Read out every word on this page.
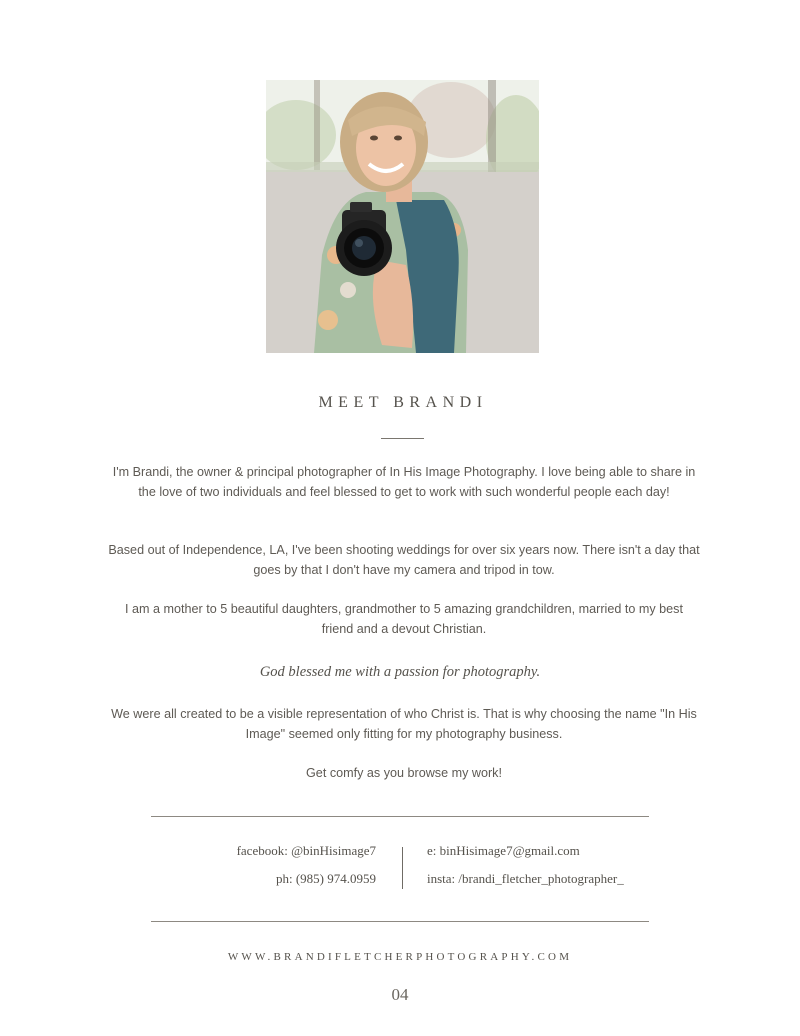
MEET BRANDI

I'm Brandi, the owner & principal photographer of In His Image Photography. I love being able to share in the love of two individuals and feel blessed to get to work with such wonderful people each day!

Based out of Independence, LA, I've been shooting weddings for over six years now. There isn't a day that goes by that I don't have my camera and tripod in tow.

I am a mother to 5 beautiful daughters, grandmother to 5 amazing grandchildren, married to my best friend and a devout Christian.

God blessed me with a passion for photography.

We were all created to be a visible representation of who Christ is. That is why choosing the name "In His Image" seemed only fitting for my photography business.

Get comfy as you browse my work!

facebook: @binHisimage7
ph: (985) 974.0959
e: binHisimage7@gmail.com
insta: /brandi_fletcher_photographer_
WWW.BRANDIFLETCHERPHOTOGRAPHY.COM
04
